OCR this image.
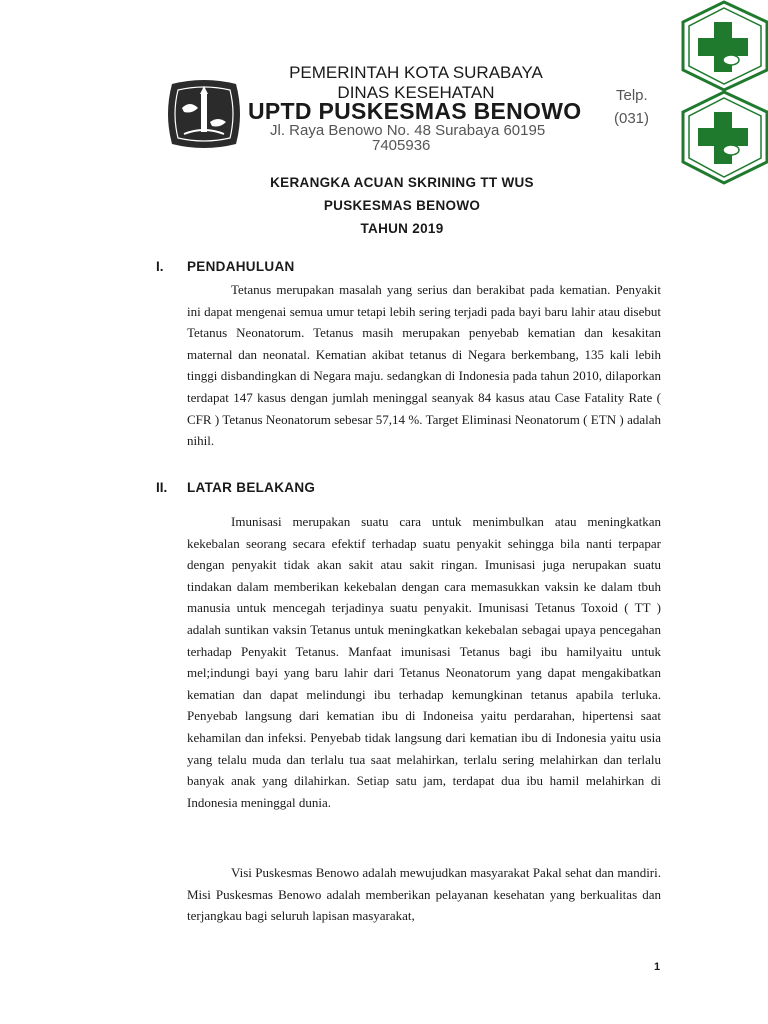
PEMERINTAH KOTA SURABAYA
DINAS KESEHATAN
UPTD PUSKESMAS BENOWO
Jl. Raya Benowo No. 48 Surabaya 60195
7405936
Telp.
(031)
KERANGKA ACUAN SKRINING TT WUS
PUSKESMAS BENOWO
TAHUN 2019
I. PENDAHULUAN

Tetanus merupakan masalah yang serius dan berakibat pada kematian. Penyakit ini dapat mengenai semua umur tetapi lebih sering terjadi pada bayi baru lahir atau disebut Tetanus Neonatorum. Tetanus masih merupakan penyebab kematian dan kesakitan maternal dan neonatal. Kematian akibat tetanus di Negara berkembang, 135 kali lebih tinggi disbandingkan di Negara maju. sedangkan di Indonesia pada tahun 2010, dilaporkan terdapat 147 kasus dengan jumlah meninggal seanyak 84 kasus atau Case Fatality Rate ( CFR ) Tetanus Neonatorum sebesar 57,14 %. Target Eliminasi Neonatorum ( ETN ) adalah nihil.

II. LATAR BELAKANG

Imunisasi merupakan suatu cara untuk menimbulkan atau meningkatkan kekebalan seorang secara efektif terhadap suatu penyakit sehingga bila nanti terpapar dengan penyakit tidak akan sakit atau sakit ringan. Imunisasi juga nerupakan suatu tindakan dalam memberikan kekebalan dengan cara memasukkan vaksin ke dalam tbuh manusia untuk mencegah terjadinya suatu penyakit. Imunisasi Tetanus Toxoid ( TT ) adalah suntikan vaksin Tetanus untuk meningkatkan kekebalan sebagai upaya pencegahan terhadap Penyakit Tetanus. Manfaat imunisasi Tetanus bagi ibu hamilyaitu untuk mel;indungi bayi yang baru lahir dari Tetanus Neonatorum yang dapat mengakibatkan kematian dan dapat melindungi ibu terhadap kemungkinan tetanus apabila terluka. Penyebab langsung dari kematian ibu di Indoneisa yaitu perdarahan, hipertensi saat kehamilan dan infeksi. Penyebab tidak langsung dari kematian ibu di Indonesia yaitu usia yang telalu muda dan terlalu tua saat melahirkan, terlalu sering melahirkan dan terlalu banyak anak yang dilahirkan. Setiap satu jam, terdapat dua ibu hamil melahirkan di Indonesia meninggal dunia.

Visi Puskesmas Benowo adalah mewujudkan masyarakat Pakal sehat dan mandiri. Misi Puskesmas Benowo adalah memberikan pelayanan kesehatan yang berkualitas dan terjangkau bagi seluruh lapisan masyarakat,

1
